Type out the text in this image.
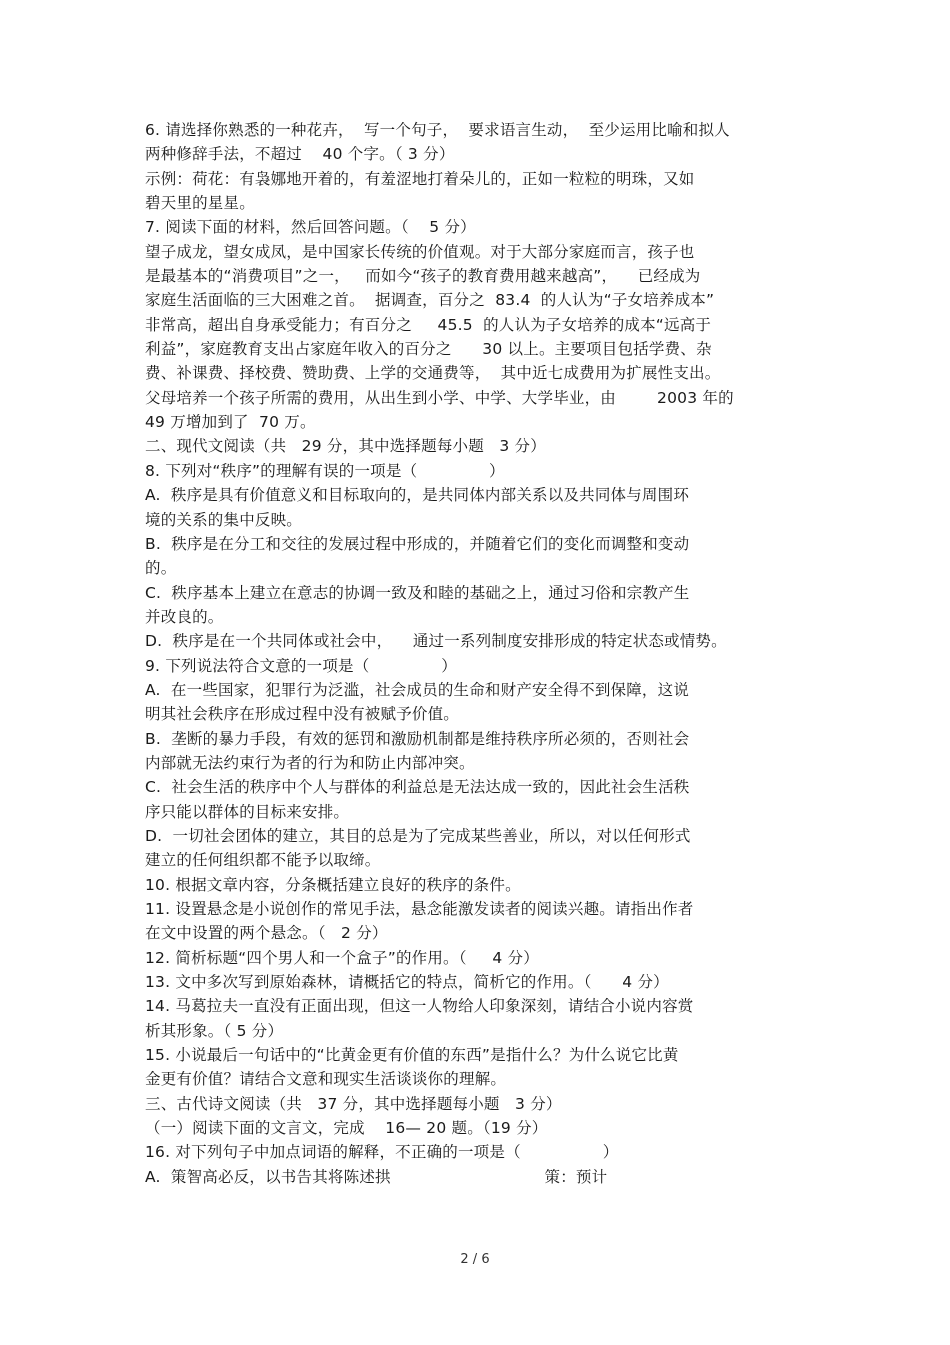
6. 请选择你熟悉的一种花卉，  写一个句子，  要求语言生动，  至少运用比喻和拟人
两种修辞手法，不超过    40 个字。（ 3 分）
示例：荷花：有袅娜地开着的，有羞涩地打着朵儿的，正如一粒粒的明珠，又如
碧天里的星星。
7. 阅读下面的材料，然后回答问题。（    5 分）
望子成龙，望女成凤，是中国家长传统的价值观。对于大部分家庭而言，孩子也
是最基本的“消费项目”之一，   而如今“孩子的教育费用越来越高”，    已经成为
家庭生活面临的三大困难之首。  据调查，百分之  83.4  的人认为“子女培养成本”
非常高，超出自身承受能力；有百分之     45.5  的人认为子女培养的成本“远高于
利益”，家庭教育支出占家庭年收入的百分之      30 以上。主要项目包括学费、杂
费、补课费、择校费、赞助费、上学的交通费等，  其中近七成费用为扩展性支出。
父母培养一个孩子所需的费用，从出生到小学、中学、大学毕业，由        2003 年的
49 万增加到了  70 万。
二、现代文阅读（共   29 分，其中选择题每小题   3 分）
8. 下列对“秩序”的理解有误的一项是（              ）
A.  秩序是具有价值意义和目标取向的，是共同体内部关系以及共同体与周围环
境的关系的集中反映。
B.  秩序是在分工和交往的发展过程中形成的，并随着它们的变化而调整和变动
的。
C.  秩序基本上建立在意志的协调一致及和睦的基础之上，通过习俗和宗教产生
并改良的。
D.  秩序是在一个共同体或社会中，    通过一系列制度安排形成的特定状态或情势。
9. 下列说法符合文意的一项是（              ）
A.  在一些国家，犯罪行为泛滥，社会成员的生命和财产安全得不到保障，这说
明其社会秩序在形成过程中没有被赋予价值。
B.  垄断的暴力手段，有效的惩罚和激励机制都是维持秩序所必须的，否则社会
内部就无法约束行为者的行为和防止内部冲突。
C.  社会生活的秩序中个人与群体的利益总是无法达成一致的，因此社会生活秩
序只能以群体的目标来安排。
D.  一切社会团体的建立，其目的总是为了完成某些善业，所以，对以任何形式
建立的任何组织都不能予以取缔。
10. 根据文章内容，分条概括建立良好的秩序的条件。
11. 设置悬念是小说创作的常见手法，悬念能激发读者的阅读兴趣。请指出作者
在文中设置的两个悬念。（   2 分）
12. 简析标题“四个男人和一个盒子”的作用。（     4 分）
13. 文中多次写到原始森林，请概括它的特点，简析它的作用。（      4 分）
14. 马葛拉夫一直没有正面出现，但这一人物给人印象深刻，请结合小说内容赏
析其形象。（ 5 分）
15. 小说最后一句话中的“比黄金更有价值的东西”是指什么？为什么说它比黄
金更有价值？请结合文意和现实生活谈谈你的理解。
三、古代诗文阅读（共   37 分，其中选择题每小题   3 分）
（一）阅读下面的文言文，完成    16— 20 题。（19 分）
16. 对下列句子中加点词语的解释，不正确的一项是（                ）
A.  策智高必反，以书告其将陈述拱                              策：预计
2 / 6
